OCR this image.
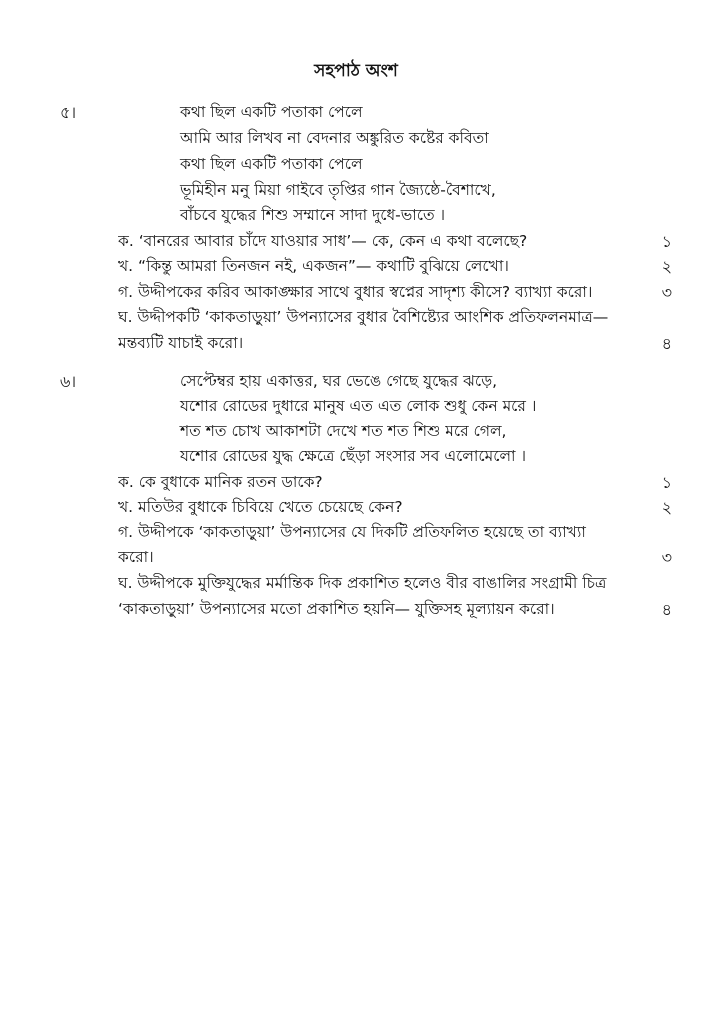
সহপাঠ অংশ
৫।	কথা ছিল একটি পতাকা পেলে
আমি আর লিখব না বেদনার অঙ্কুরিত কষ্টের কবিতা
কথা ছিল একটি পতাকা পেলে
ভূমিহীন মনু মিয়া গাইবে তৃপ্তির গান জ্যৈষ্ঠে-বৈশাখে,
বাঁচবে যুদ্ধের শিশু সম্মানে সাদা দুধে-ভাতে ।
ক. ‘বানরের আবার চাঁদে যাওয়ার সাধ’— কে, কেন এ কথা বলেছে?	১
খ. “কিন্তু আমরা তিনজন নই, একজন”— কথাটি বুঝিয়ে লেখো।	২
গ. উদ্দীপকের করিব আকাঙ্ক্ষার সাথে বুধার স্বপ্নের সাদৃশ্য কীসে? ব্যাখ্যা করো।	৩
ঘ. উদ্দীপকটি ‘কাকতাড়ুয়া’ উপন্যাসের বুধার বৈশিষ্ট্যের আংশিক প্রতিফলনমাত্র—
মন্তব্যটি যাচাই করো।	৪
৬।	সেপ্টেম্বর হায় একাত্তর, ঘর ভেঙে গেছে যুদ্ধের ঝড়ে,
যশোর রোডের দুধারে মানুষ এত এত লোক শুধু কেন মরে ।
শত শত চোখ আকাশটা দেখে শত শত শিশু মরে গেল,
যশোর রোডের যুদ্ধ ক্ষেত্রে ছেঁড়া সংসার সব এলোমেলো ।
ক. কে বুধাকে মানিক রতন ডাকে?	১
খ. মতিউর বুধাকে চিবিয়ে খেতে চেয়েছে কেন?	২
গ. উদ্দীপকে ‘কাকতাড়ুয়া’ উপন্যাসের যে দিকটি প্রতিফলিত হয়েছে তা ব্যাখ্যা
করো।	৩
ঘ. উদ্দীপকে মুক্তিযুদ্ধের মর্মান্তিক দিক প্রকাশিত হলেও বীর বাঙালির সংগ্রামী চিত্র
‘কাকতাড়ুয়া’ উপন্যাসের মতো প্রকাশিত হয়নি— যুক্তিসহ মূল্যায়ন করো।	৪
